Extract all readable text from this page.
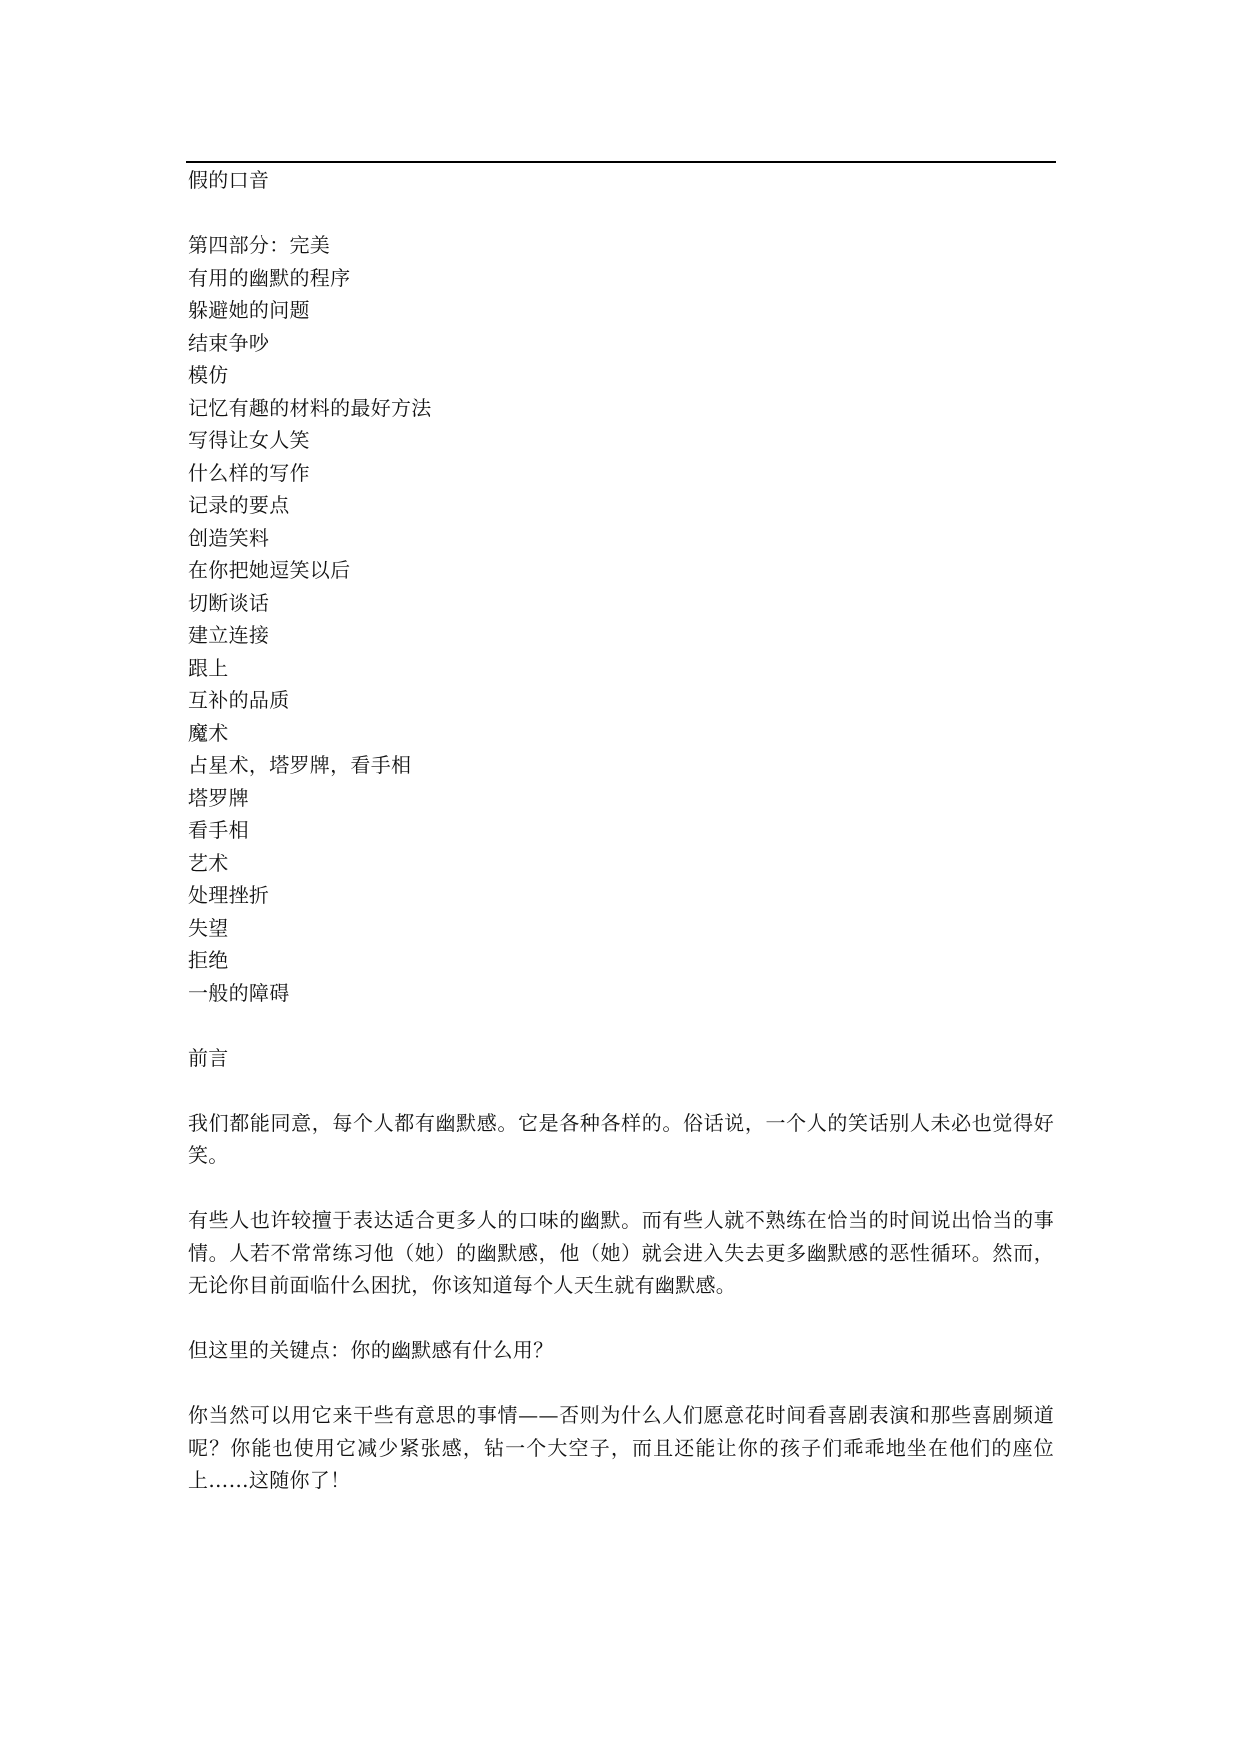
假的口音
第四部分：完美
有用的幽默的程序
躲避她的问题
结束争吵
模仿
记忆有趣的材料的最好方法
写得让女人笑
什么样的写作
记录的要点
创造笑料
在你把她逗笑以后
切断谈话
建立连接
跟上
互补的品质
魔术
占星术，塔罗牌，看手相
塔罗牌
看手相
艺术
处理挫折
失望
拒绝
一般的障碍
前言

我们都能同意，每个人都有幽默感。它是各种各样的。俗话说，一个人的笑话别人未必也觉得好笑。

有些人也许较擅于表达适合更多人的口味的幽默。而有些人就不熟练在恰当的时间说出恰当的事情。人若不常常练习他（她）的幽默感，他（她）就会进入失去更多幽默感的恶性循环。然而，无论你目前面临什么困扰，你该知道每个人天生就有幽默感。

但这里的关键点：你的幽默感有什么用？

你当然可以用它来干些有意思的事情——否则为什么人们愿意花时间看喜剧表演和那些喜剧频道呢？你能也使用它减少紧张感，钻一个大空子，而且还能让你的孩子们乖乖地坐在他们的座位上……这随你了！
